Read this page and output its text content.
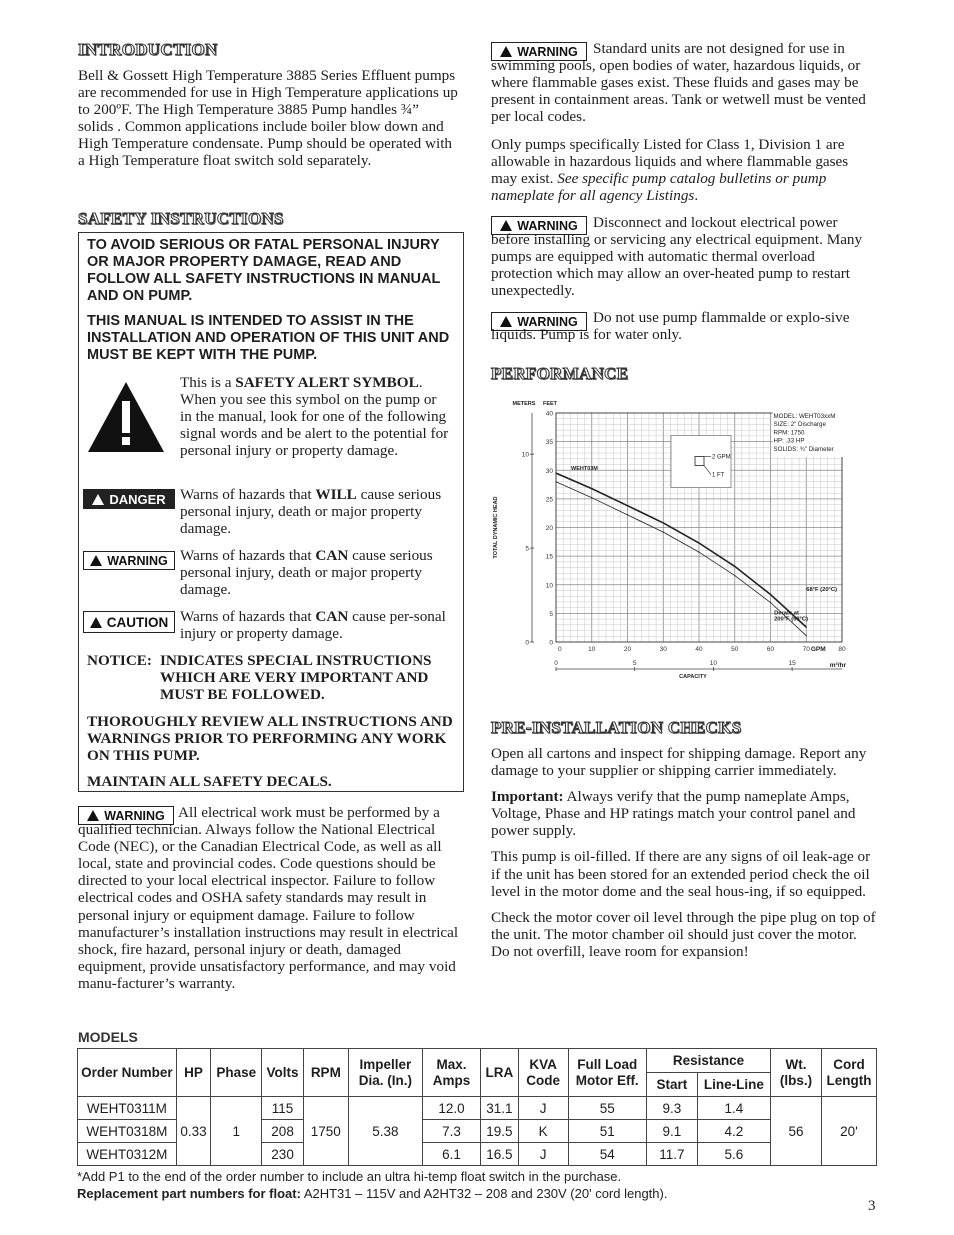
INTRODUCTION

Bell & Gossett High Temperature 3885 Series Effluent pumps are recommended for use in High Temperature applications up to 200ºF. The High Temperature 3885 Pump handles ¾” solids . Common applications include boiler blow down and High Temperature condensate. Pump should be operated with a High Temperature float switch sold separately.

SAFETY INSTRUCTIONS
TO AVOID SERIOUS OR FATAL PERSONAL INJURY OR MAJOR PROPERTY DAMAGE, READ AND FOLLOW ALL SAFETY INSTRUCTIONS IN MANUAL AND ON PUMP.
THIS MANUAL IS INTENDED TO ASSIST IN THE INSTALLATION AND OPERATION OF THIS UNIT AND MUST BE KEPT WITH THE PUMP.
This is a SAFETY ALERT SYMBOL. When you see this symbol on the pump or in the manual, look for one of the following signal words and be alert to the potential for personal injury or property damage.
DANGER Warns of hazards that WILL cause serious personal injury, death or major property damage.
WARNING Warns of hazards that CAN cause serious personal injury, death or major property damage.
CAUTION Warns of hazards that CAN cause per-sonal injury or property damage.
NOTICE: INDICATES SPECIAL INSTRUCTIONS WHICH ARE VERY IMPORTANT AND MUST BE FOLLOWED.
THOROUGHLY REVIEW ALL INSTRUCTIONS AND WARNINGS PRIOR TO PERFORMING ANY WORK ON THIS PUMP.
MAINTAIN ALL SAFETY DECALS.
WARNING All electrical work must be performed by a qualified technician. Always follow the National Electrical Code (NEC), or the Canadian Electrical Code, as well as all local, state and provincial codes. Code questions should be directed to your local electrical inspector. Failure to follow electrical codes and OSHA safety standards may result in personal injury or equipment damage. Failure to follow manufacturer’s installation instructions may result in electrical shock, fire hazard, personal injury or death, damaged equipment, provide unsatisfactory performance, and may void manu-facturer’s warranty.
WARNING	Standard units are not designed for use in swimming pools, open bodies of water, hazardous liquids, or where flammable gases exist. These fluids and gases may be present in containment areas. Tank or wetwell must be vented per local codes.
Only pumps specifically Listed for Class 1, Division 1 are allowable in hazardous liquids and where flammable gases may exist. See specific pump catalog bulletins or pump nameplate for all agency Listings.
WARNING	Disconnect and lockout electrical power before installing or servicing any electrical equipment. Many pumps are equipped with automatic thermal overload protection which may allow an over-heated pump to restart unexpectedly.
WARNING	Do not use pump flammalde or explo-sive liquids. Pump is for water only.
PERFORMANCE
0
5
10
15
20
25
30
35
40
0
5
10
METERS FEET
TOTAL DYNAMIC HEAD
0	10	20	30	40	50	60	70	80
GPM
0	5	10	15	m³/hr
CAPACITY
WEHT03M
MODEL: WEHT03xxM
SIZE: 2" Discharge
RPM: 1750
HP: .33 HP
SOLIDS: ¾" Diameter
2 GPM
1 FT
68°F (20°C)
Derate at
200°F (93°C)
PRE-INSTALLATION CHECKS

Open all cartons and inspect for shipping damage. Report any damage to your supplier or shipping carrier immediately.

Important: Always verify that the pump nameplate Amps, Voltage, Phase and HP ratings match your control panel and power supply.

This pump is oil-filled. If there are any signs of oil leak-age or if the unit has been stored for an extended period check the oil level in the motor dome and the seal hous-ing, if so equipped.

Check the motor cover oil level through the pipe plug on top of the unit. The motor chamber oil should just cover the motor. Do not overfill, leave room for expansion!

MODELS
Order Number	HP	Phase	Volts	RPM	Impeller Dia. (In.)	Max. Amps	LRA	KVA Code	Full Load Motor Eff.	Resistance		Wt. (lbs.)	Cord Length
										Start	Line-Line		
WEHT0311M	0.33	1	115	1750	5.38	12.0	31.1	J	55	9.3	1.4	56	20'
WEHT0318M			208			7.3	19.5	K	51	9.1	4.2		
WEHT0312M			230			6.1	16.5	J	54	11.7	5.6		
*Add P1 to the end of the order number to include an ultra hi-temp float switch in the purchase.
Replacement part numbers for float: A2HT31 – 115V and A2HT32 – 208 and 230V (20' cord length).
3
